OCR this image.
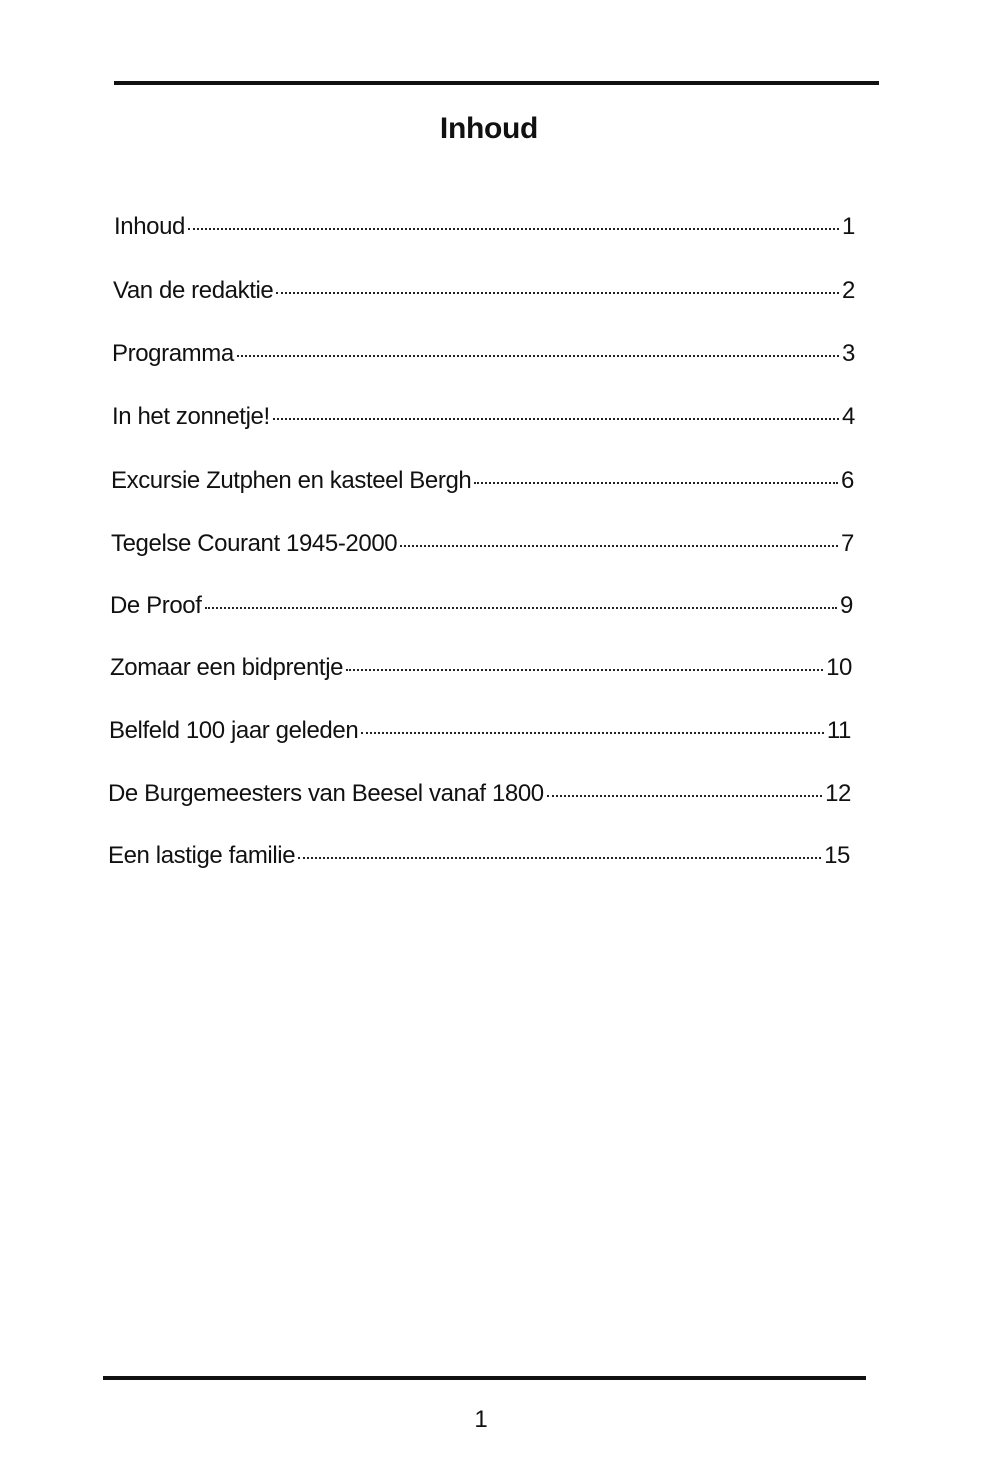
Inhoud
Inhoud	1
Van de redaktie	2
Programma	3
In het zonnetje!	4
Excursie Zutphen en kasteel Bergh	6
Tegelse Courant 1945-2000	7
De Proof	9
Zomaar een bidprentje	10
Belfeld 100 jaar geleden	11
De Burgemeesters van Beesel vanaf 1800	12
Een lastige familie	15
1
